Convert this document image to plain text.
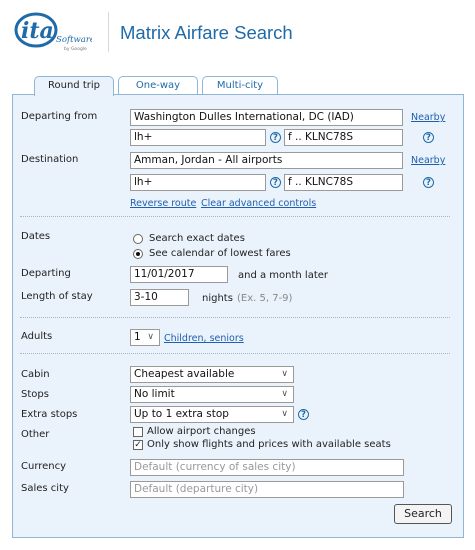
ita Software
by Google
Matrix Airfare Search
Round trip	One-way	Multi-city
Departing from	Washington Dulles International, DC (IAD)	Nearby
lh+	? f .. KLNC78S	?
Destination	Amman, Jordan - All airports	Nearby
lh+	? f .. KLNC78S	?
Reverse route Clear advanced controls
Dates	Search exact dates
See calendar of lowest fares
Departing	11/01/2017	and a month later
Length of stay	3-10	nights (Ex. 5, 7-9)
Adults	1 ∨ Children, seniors
Cabin	Cheapest available	∨
Stops	No limit	∨
Extra stops	Up to 1 extra stop	∨	?
Other	Allow airport changes
✓ Only show flights and prices with available seats
Currency	Default (currency of sales city)
Sales city	Default (departure city)
Search
